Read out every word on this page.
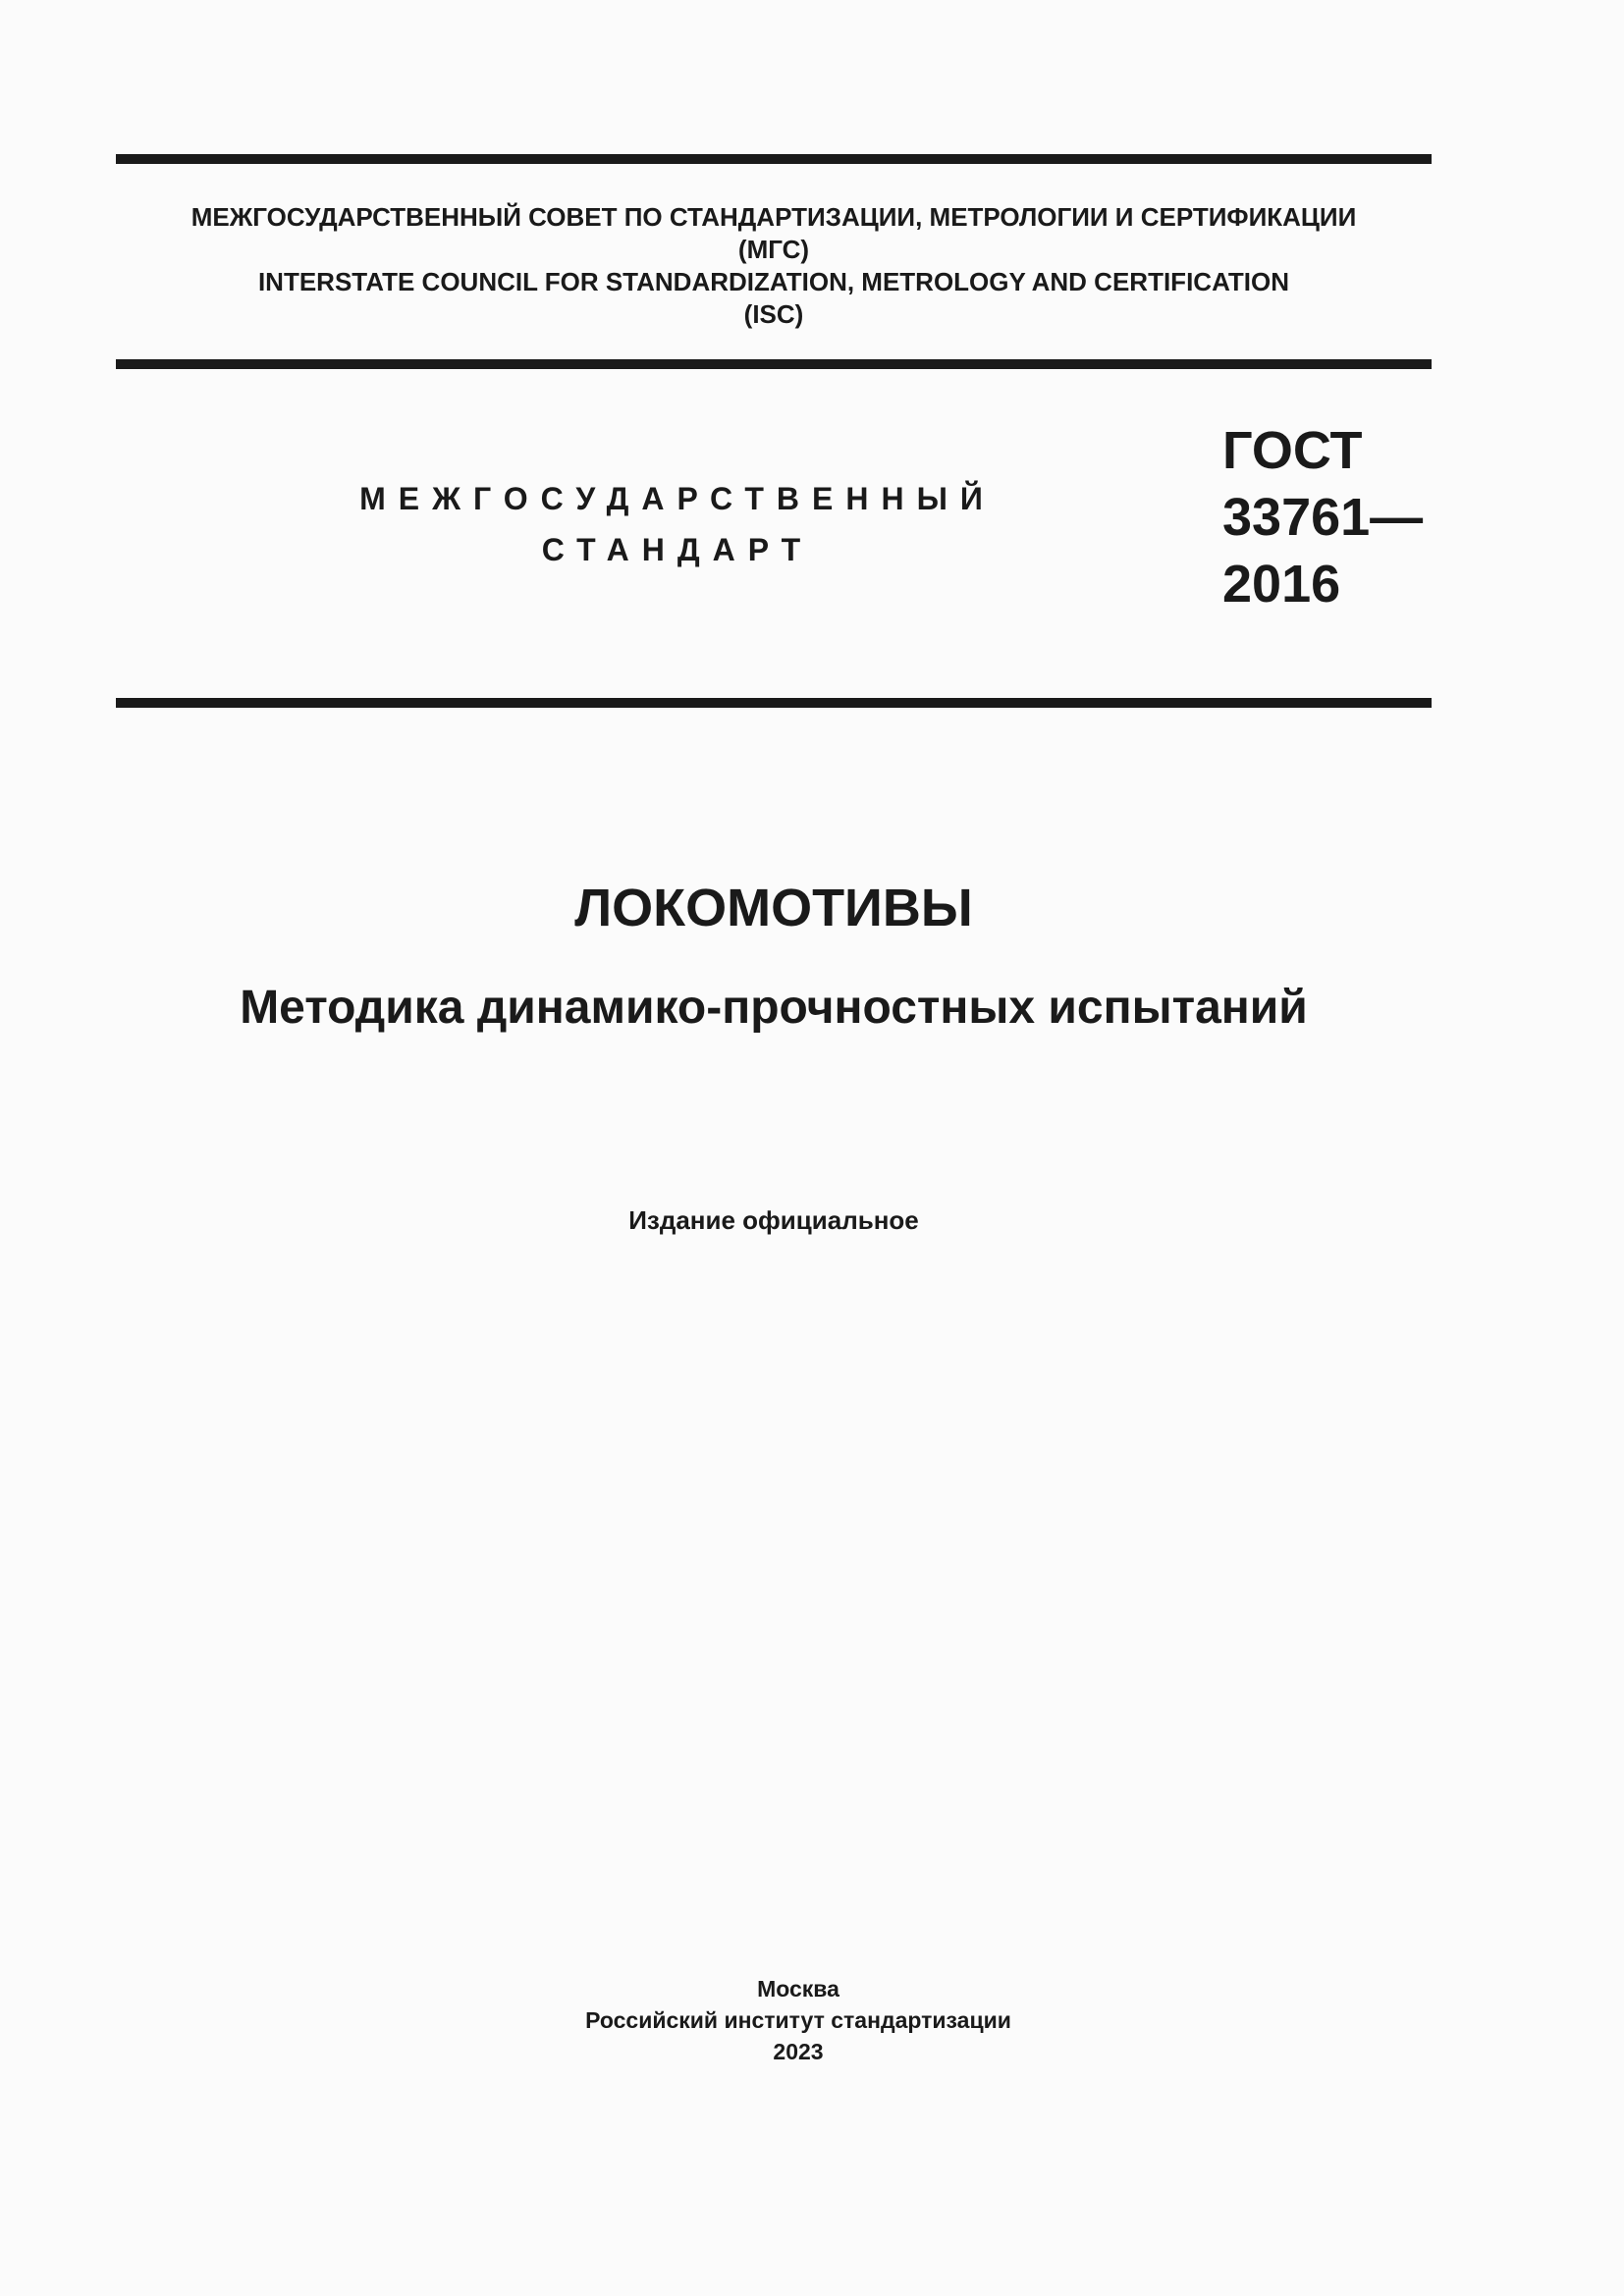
МЕЖГОСУДАРСТВЕННЫЙ СОВЕТ ПО СТАНДАРТИЗАЦИИ, МЕТРОЛОГИИ И СЕРТИФИКАЦИИ
(МГС)
INTERSTATE COUNCIL FOR STANDARDIZATION, METROLOGY AND CERTIFICATION
(ISC)
МЕЖГОСУДАРСТВЕННЫЙ
СТАНДАРТ
ГОСТ
33761—
2016
ЛОКОМОТИВЫ
Методика динамико-прочностных испытаний
Издание официальное
Москва
Российский институт стандартизации
2023
